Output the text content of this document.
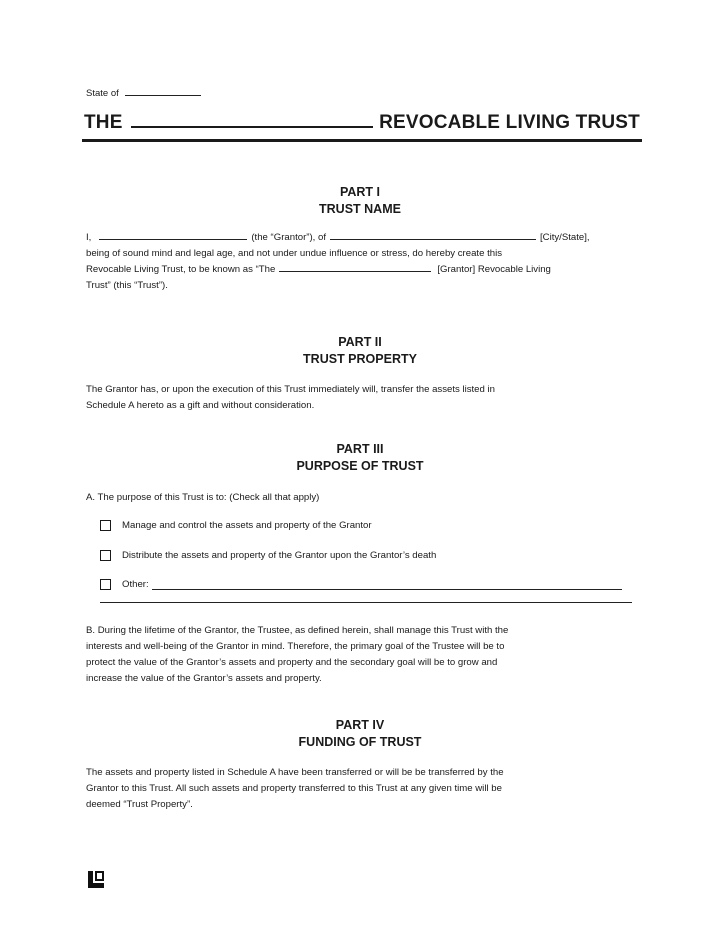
State of
THE	REVOCABLE LIVING TRUST
PART I
TRUST NAME
I,	(the “Grantor”), of	[City/State],
being of sound mind and legal age, and not under undue influence or stress, do hereby create this
Revocable Living Trust, to be known as “The	[Grantor] Revocable Living
Trust” (this “Trust”).
PART II
TRUST PROPERTY
The Grantor has, or upon the execution of this Trust immediately will, transfer the assets listed in
Schedule A hereto as a gift and without consideration.
PART III
PURPOSE OF TRUST
A. The purpose of this Trust is to: (Check all that apply)
Manage and control the assets and property of the Grantor
Distribute the assets and property of the Grantor upon the Grantor’s death
Other:
B. During the lifetime of the Grantor, the Trustee, as defined herein, shall manage this Trust with the
interests and well-being of the Grantor in mind. Therefore, the primary goal of the Trustee will be to
protect the value of the Grantor’s assets and property and the secondary goal will be to grow and
increase the value of the Grantor’s assets and property.
PART IV
FUNDING OF TRUST
The assets and property listed in Schedule A have been transferred or will be be transferred by the
Grantor to this Trust. All such assets and property transferred to this Trust at any given time will be
deemed “Trust Property”.
